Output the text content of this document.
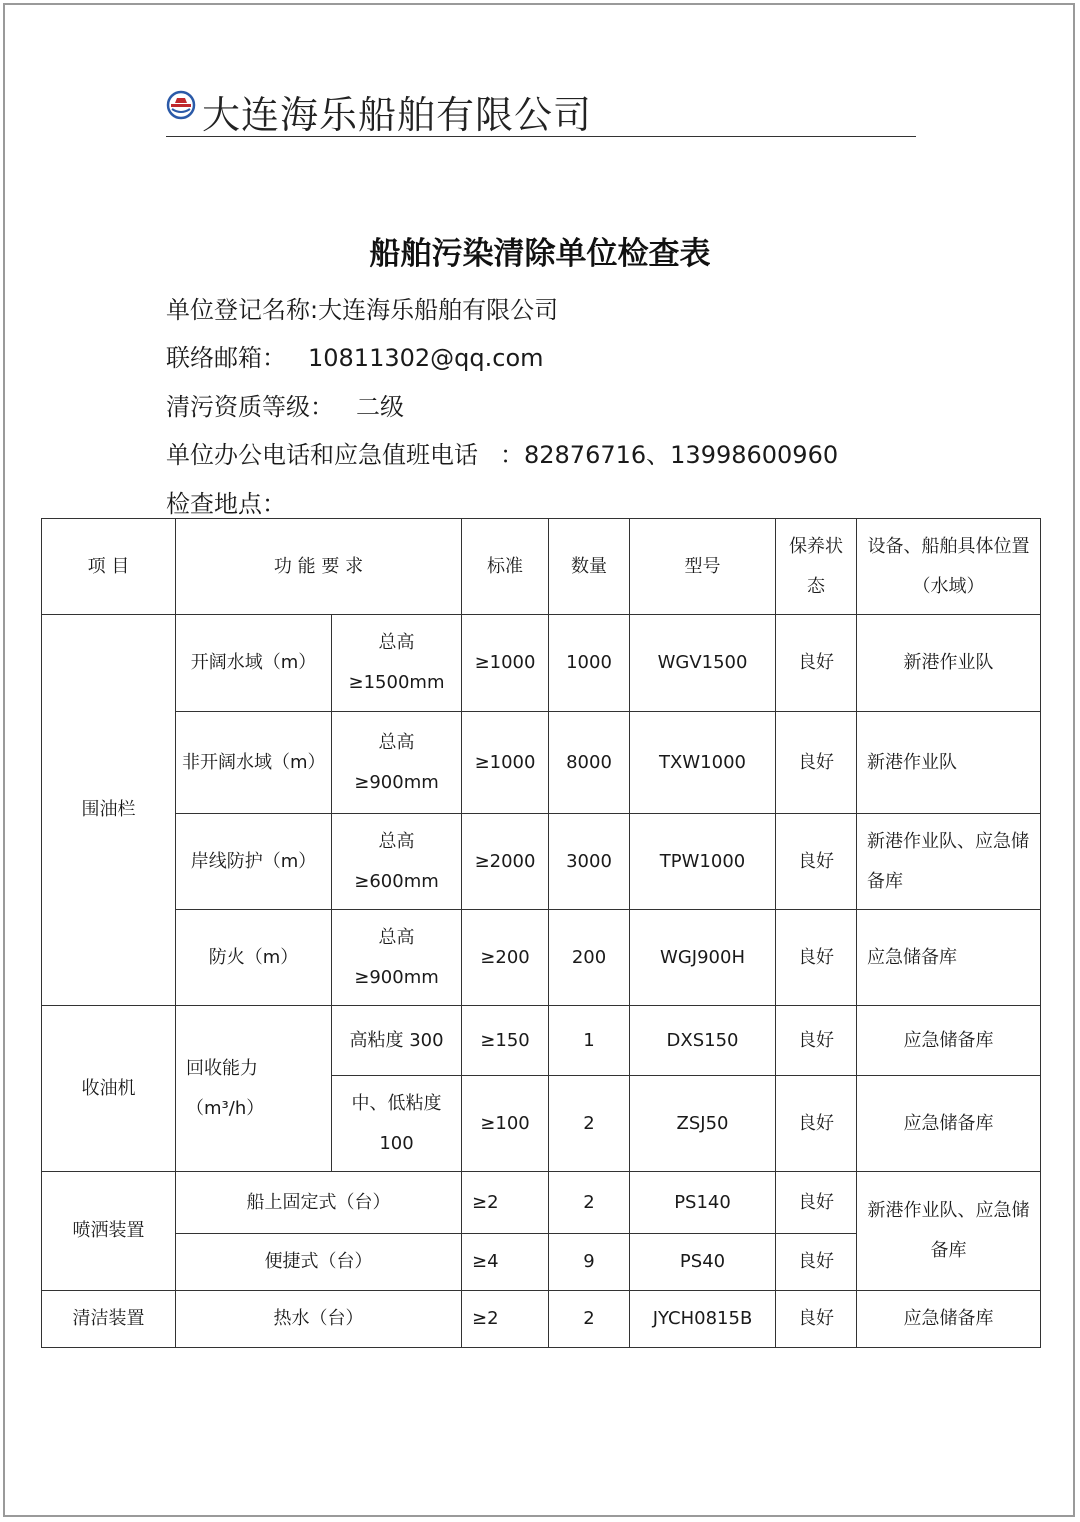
大连海乐船舶有限公司
船舶污染清除单位检查表
单位登记名称:大连海乐船舶有限公司
联络邮箱： 10811302@qq.com
清污资质等级： 二级
单位办公电话和应急值班电话 ：82876716、13998600960
检查地点：
项 目	功 能 要 求		标准	数量	型号	保养状态	设备、船舶具体位置（水域）
围油栏	开阔水域（m）	总高≥1500mm	≥1000	1000	WGV1500	良好	新港作业队
	非开阔水域（m）	总高≥900mm	≥1000	8000	TXW1000	良好	新港作业队
	岸线防护（m）	总高≥600mm	≥2000	3000	TPW1000	良好	新港作业队、应急储备库
	防火（m）	总高≥900mm	≥200	200	WGJ900H	良好	应急储备库
收油机	回收能力（m³/h）	高粘度 300	≥150	1	DXS150	良好	应急储备库
		中、低粘度100	≥100	2	ZSJ50	良好	应急储备库
喷洒装置	船上固定式（台）		≥2	2	PS140	良好	新港作业队、应急储备库
	便捷式（台）		≥4	9	PS40	良好	
清洁装置	热水（台）		≥2	2	JYCH0815B	良好	应急储备库
